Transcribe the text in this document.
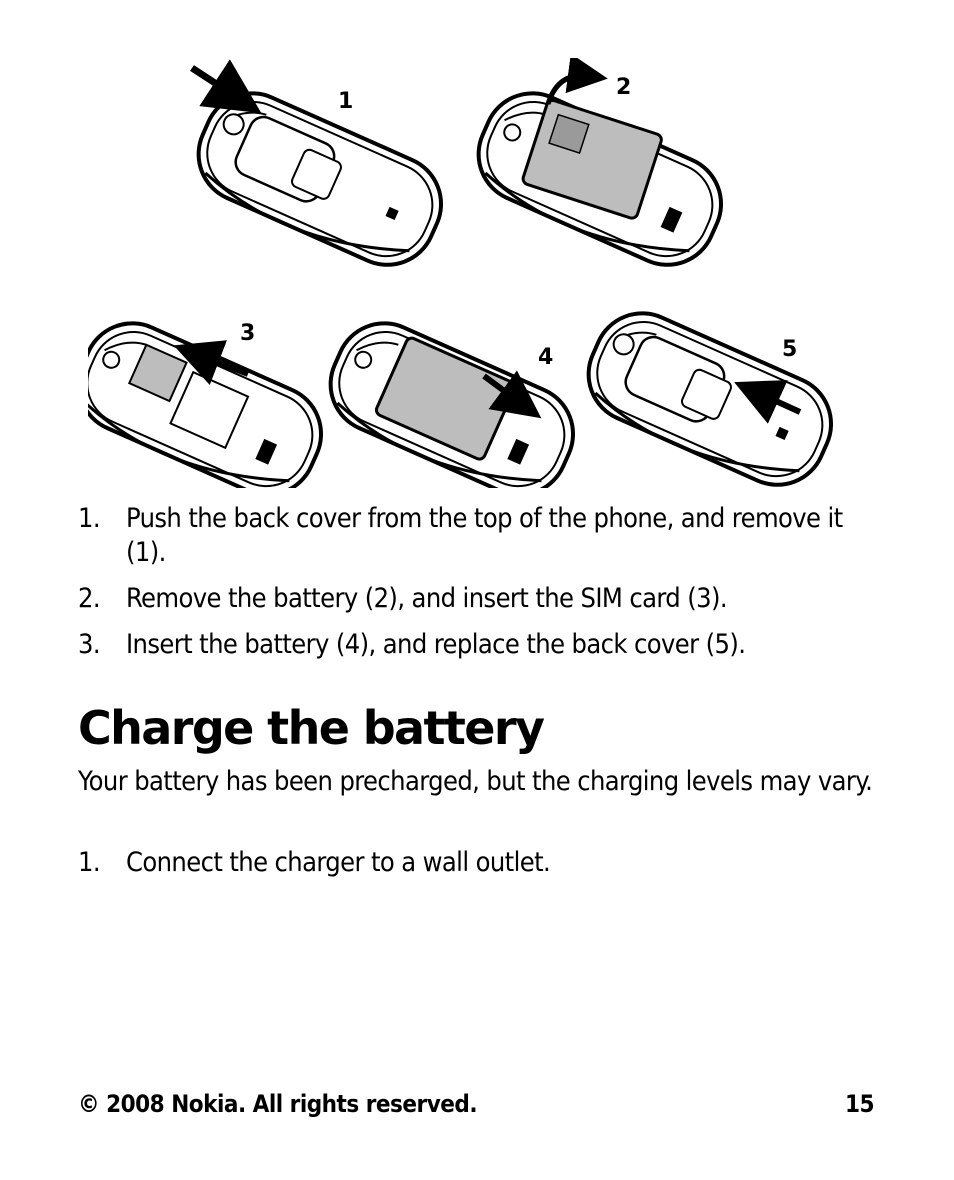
1
2
3
4	5
1. Push the back cover from the top of the phone, and remove it (1).
2. Remove the battery (2), and insert the SIM card (3).
3. Insert the battery (4), and replace the back cover (5).
Charge the battery

Your battery has been precharged, but the charging levels may vary.

1. Connect the charger to a wall outlet.
© 2008 Nokia. All rights reserved.	15
